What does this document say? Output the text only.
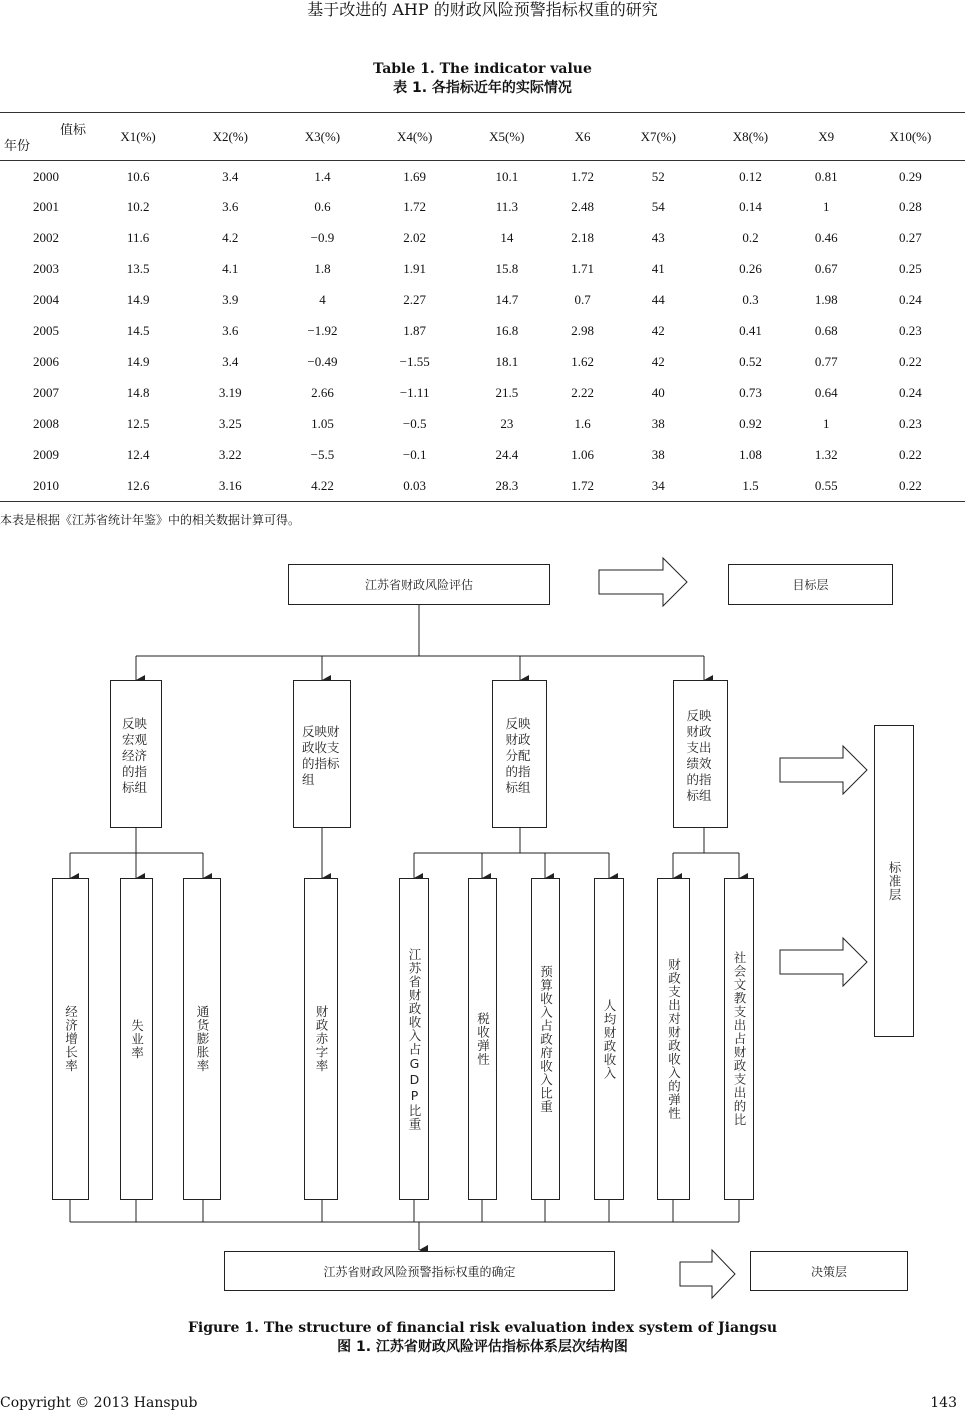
基于改进的 AHP 的财政风险预警指标权重的研究
Table 1. The indicator value
表 1. 各指标近年的实际情况
值标
年份	X1(%)	X2(%)	X3(%)	X4(%)	X5(%)	X6	X7(%)	X8(%)	X9	X10(%)
2000	10.6	3.4	1.4	1.69	10.1	1.72	52	0.12	0.81	0.29
2001	10.2	3.6	0.6	1.72	11.3	2.48	54	0.14	1	0.28
2002	11.6	4.2	−0.9	2.02	14	2.18	43	0.2	0.46	0.27
2003	13.5	4.1	1.8	1.91	15.8	1.71	41	0.26	0.67	0.25
2004	14.9	3.9	4	2.27	14.7	0.7	44	0.3	1.98	0.24
2005	14.5	3.6	−1.92	1.87	16.8	2.98	42	0.41	0.68	0.23
2006	14.9	3.4	−0.49	−1.55	18.1	1.62	42	0.52	0.77	0.22
2007	14.8	3.19	2.66	−1.11	21.5	2.22	40	0.73	0.64	0.24
2008	12.5	3.25	1.05	−0.5	23	1.6	38	0.92	1	0.23
2009	12.4	3.22	−5.5	−0.1	24.4	1.06	38	1.08	1.32	0.22
2010	12.6	3.16	4.22	0.03	28.3	1.72	34	1.5	0.55	0.22
本表是根据《江苏省统计年鉴》中的相关数据计算可得。
江苏省财政风险评估	目标层
反映宏观经济的指标组
反映财政收支的指标组
反映财政分配的指标组
反映财政支出绩效的指标组
标准层
经济增长率	失业率	通货膨胀率	财政赤字率	江苏省财政收入占GDP比重	税收弹性	预算收入占政府收入比重	人均财政收入	财政支出对财政收入的弹性	社会文教支出占财政支出的比
江苏省财政风险预警指标权重的确定	决策层
Figure 1. The structure of financial risk evaluation index system of Jiangsu
图 1. 江苏省财政风险评估指标体系层次结构图
Copyright © 2013 Hanspub	143
